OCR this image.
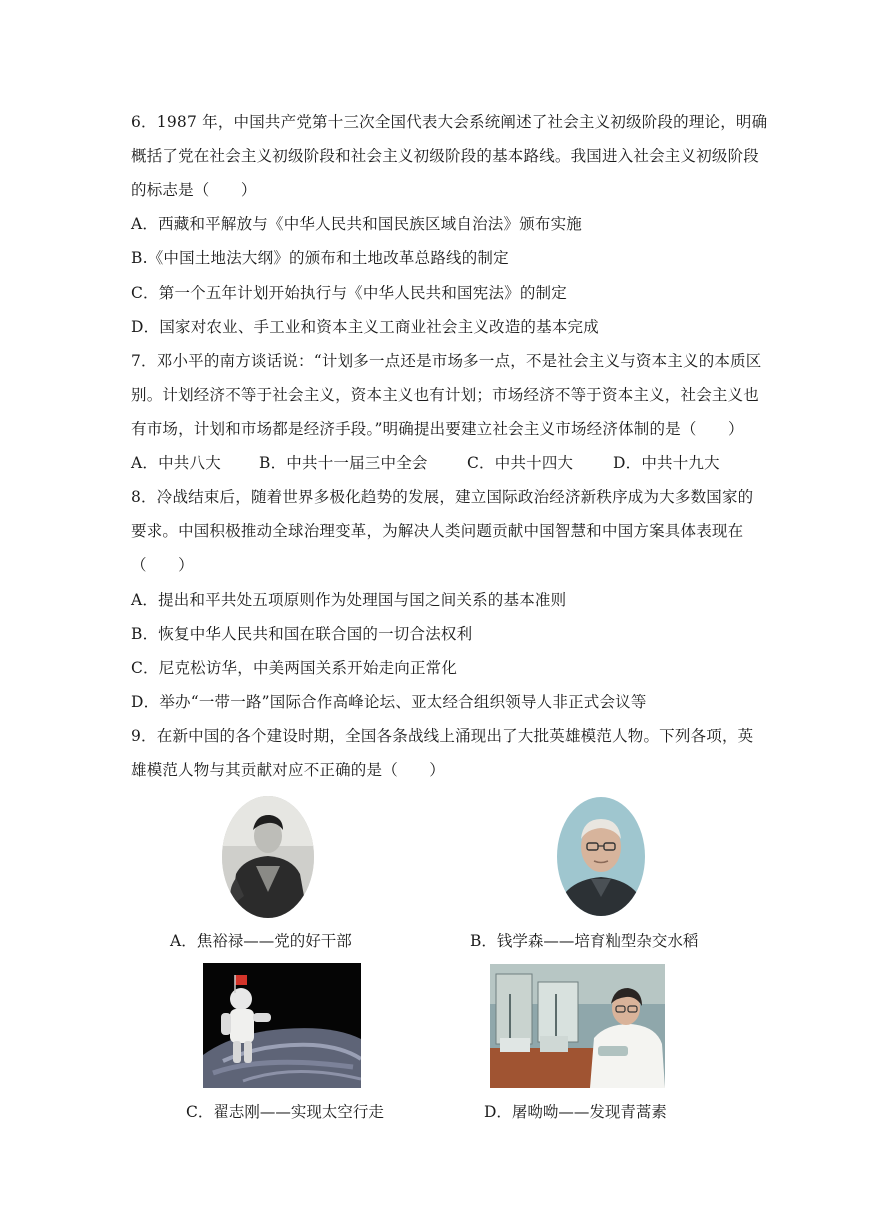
6．1987 年，中国共产党第十三次全国代表大会系统阐述了社会主义初级阶段的理论，明确
概括了党在社会主义初级阶段和社会主义初级阶段的基本路线。我国进入社会主义初级阶段
的标志是（　　）
A．西藏和平解放与《中华人民共和国民族区域自治法》颁布实施
B.《中国土地法大纲》的颁布和土地改革总路线的制定
C．第一个五年计划开始执行与《中华人民共和国宪法》的制定
D．国家对农业、手工业和资本主义工商业社会主义改造的基本完成
7．邓小平的南方谈话说：“计划多一点还是市场多一点，不是社会主义与资本主义的本质区
别。计划经济不等于社会主义，资本主义也有计划；市场经济不等于资本主义，社会主义也
有市场，计划和市场都是经济手段。”明确提出要建立社会主义市场经济体制的是（　　）
A．中共八大 B．中共十一届三中全会	C．中共十四大	D．中共十九大
8．冷战结束后，随着世界多极化趋势的发展，建立国际政治经济新秩序成为大多数国家的
要求。中国积极推动全球治理变革，为解决人类问题贡献中国智慧和中国方案具体表现在
（　　）
A．提出和平共处五项原则作为处理国与国之间关系的基本准则
B．恢复中华人民共和国在联合国的一切合法权利
C．尼克松访华，中美两国关系开始走向正常化
D．举办“一带一路”国际合作高峰论坛、亚太经合组织领导人非正式会议等
9．在新中国的各个建设时期，全国各条战线上涌现出了大批英雄模范人物。下列各项，英
雄模范人物与其贡献对应不正确的是（　　）
A．焦裕禄——党的好干部	B．钱学森——培育籼型杂交水稻
C．翟志刚——实现太空行走	D．屠呦呦——发现青蒿素
